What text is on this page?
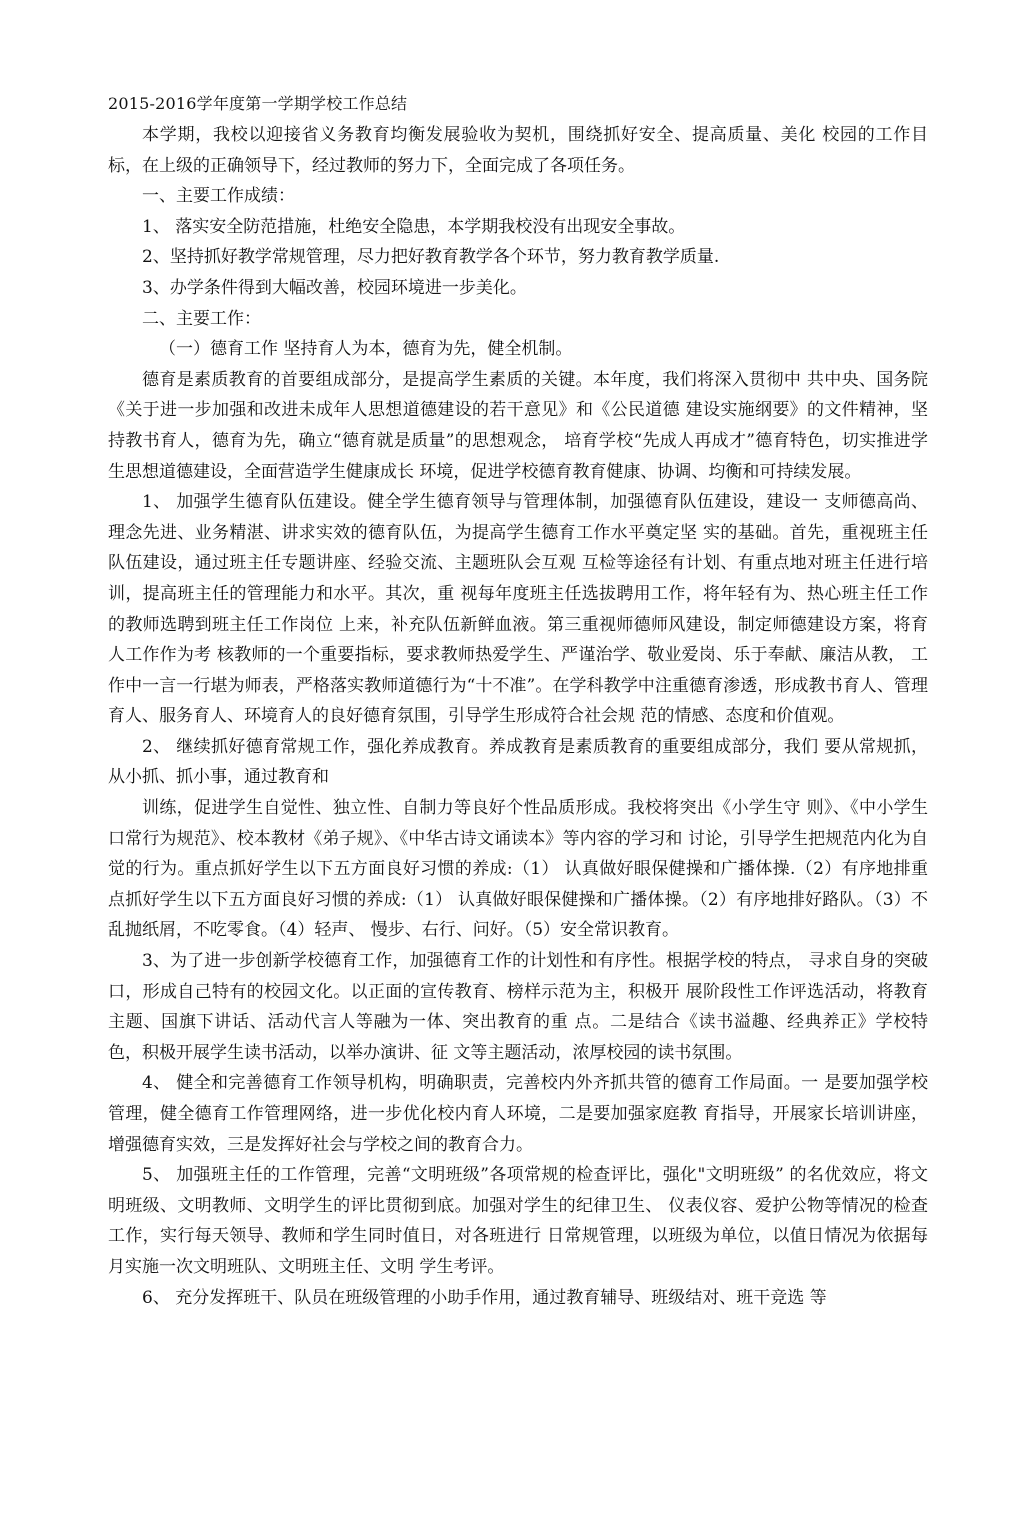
2015-2016学年度第一学期学校工作总结

本学期，我校以迎接省义务教育均衡发展验收为契机，围绕抓好安全、提高质量、美化 校园的工作目标，在上级的正确领导下，经过教师的努力下，全面完成了各项任务。

一、主要工作成绩：

1、 落实安全防范措施，杜绝安全隐患，本学期我校没有出现安全事故。

2、坚持抓好教学常规管理，尽力把好教育教学各个环节，努力教育教学质量.

3、办学条件得到大幅改善，校园环境进一步美化。

二、主要工作：

（一）德育工作 坚持育人为本，德育为先，健全机制。

德育是素质教育的首要组成部分，是提高学生素质的关键。本年度，我们将深入贯彻中 共中央、国务院《关于进一步加强和改进未成年人思想道德建设的若干意见》和《公民道德 建设实施纲要》的文件精神，坚持教书育人，德育为先，确立“德育就是质量”的思想观念， 培育学校“先成人再成才”德育特色，切实推进学生思想道德建设，全面营造学生健康成长 环境，促进学校德育教育健康、协调、均衡和可持续发展。

1、 加强学生德育队伍建设。健全学生德育领导与管理体制，加强德育队伍建设，建设一 支师德高尚、理念先进、业务精湛、讲求实效的德育队伍，为提高学生德育工作水平奠定坚 实的基础。首先，重视班主任队伍建设，通过班主任专题讲座、经验交流、主题班队会互观 互检等途径有计划、有重点地对班主任进行培训，提高班主任的管理能力和水平。其次，重 视每年度班主任选拔聘用工作，将年轻有为、热心班主任工作的教师选聘到班主任工作岗位 上来，补充队伍新鲜血液。第三重视师德师风建设，制定师德建设方案，将育人工作作为考 核教师的一个重要指标，要求教师热爱学生、严谨治学、敬业爱岗、乐于奉献、廉洁从教， 工作中一言一行堪为师表，严格落实教师道德行为“十不准”。在学科教学中注重德育渗透，形成教书育人、管理育人、服务育人、环境育人的良好德育氛围，引导学生形成符合社会规 范的情感、态度和价值观。

2、 继续抓好德育常规工作，强化养成教育。养成教育是素质教育的重要组成部分，我们 要从常规抓，从小抓、抓小事，通过教育和

训练，促进学生自觉性、独立性、自制力等良好个性品质形成。我校将突出《小学生守 则》、《中小学生口常行为规范》、校本教材《弟子规》、《中华古诗文诵读本》等内容的学习和 讨论，引导学生把规范内化为自觉的行为。重点抓好学生以下五方面良好习惯的养成:（1） 认真做好眼保健操和广播体操.（2）有序地排重点抓好学生以下五方面良好习惯的养成:（1） 认真做好眼保健操和广播体操。（2）有序地排好路队。（3）不乱抛纸屑，不吃零食。（4）轻声、 慢步、右行、问好。（5）安全常识教育。

3、为了进一步创新学校德育工作，加强德育工作的计划性和有序性。根据学校的特点， 寻求自身的突破口，形成自己特有的校园文化。以正面的宣传教育、榜样示范为主，积极开 展阶段性工作评选活动，将教育主题、国旗下讲话、活动代言人等融为一体、突出教育的重 点。二是结合《读书溢趣、经典养正》学校特色，积极开展学生读书活动，以举办演讲、征 文等主题活动，浓厚校园的读书氛围。

4、 健全和完善德育工作领导机构，明确职责，完善校内外齐抓共管的德育工作局面。一 是要加强学校管理，健全德育工作管理网络，进一步优化校内育人环境，二是要加强家庭教 育指导，开展家长培训讲座，增强德育实效，三是发挥好社会与学校之间的教育合力。

5、 加强班主任的工作管理，完善“文明班级”各项常规的检查评比，强化"文明班级” 的名优效应，将文明班级、文明教师、文明学生的评比贯彻到底。加强对学生的纪律卫生、 仪表仪容、爱护公物等情况的检查工作，实行每天领导、教师和学生同时值日，对各班进行 日常规管理，以班级为单位，以值日情况为依据每月实施一次文明班队、文明班主任、文明 学生考评。

6、 充分发挥班干、队员在班级管理的小助手作用，通过教育辅导、班级结对、班干竞选 等
